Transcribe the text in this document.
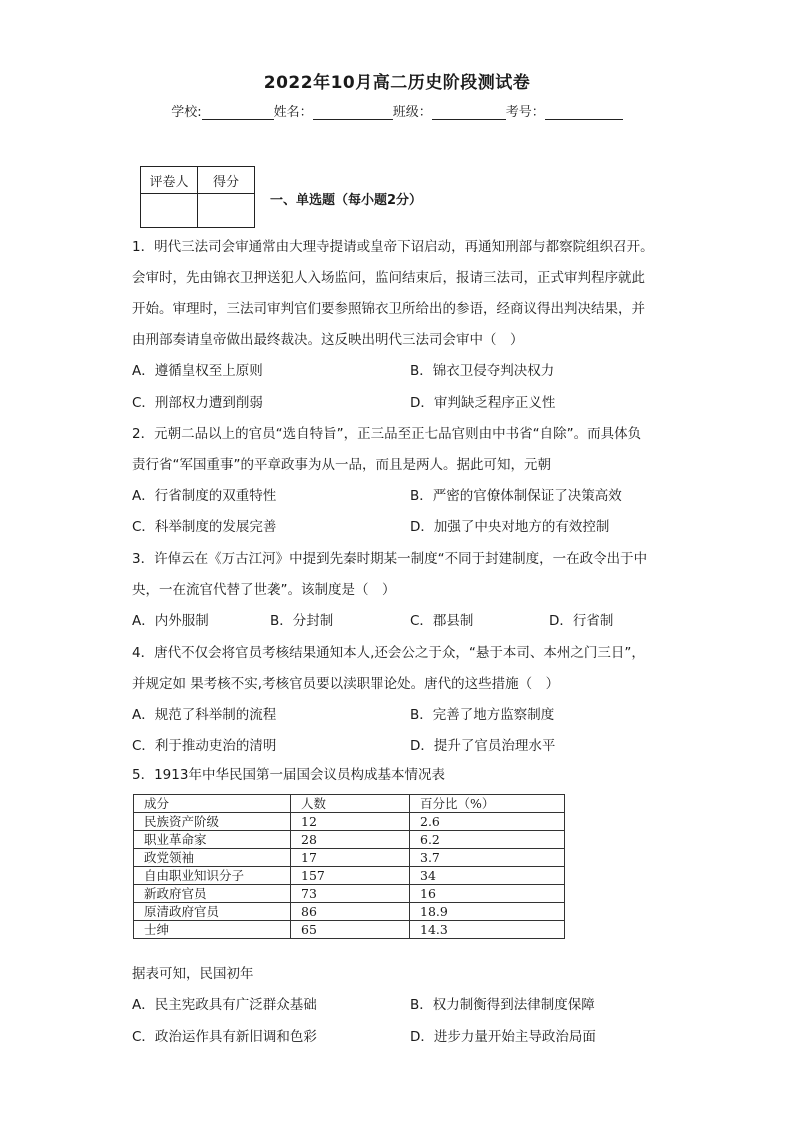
2022年10月高二历史阶段测试卷
学校:	姓名：	班级：	考号：
评卷人	得分

一、单选题（每小题2分）
1．明代三法司会审通常由大理寺提请或皇帝下诏启动，再通知刑部与都察院组织召开。
会审时，先由锦衣卫押送犯人入场监问，监问结束后，报请三法司，正式审判程序就此
开始。审理时，三法司审判官们要参照锦衣卫所给出的参语，经商议得出判决结果，并
由刑部奏请皇帝做出最终裁决。这反映出明代三法司会审中（　）
A．遵循皇权至上原则	B．锦衣卫侵夺判决权力
C．刑部权力遭到削弱	D．审判缺乏程序正义性
2．元朝二品以上的官员“选自特旨”，正三品至正七品官则由中书省“自除”。而具体负
责行省“军国重事”的平章政事为从一品，而且是两人。据此可知，元朝
A．行省制度的双重特性	B．严密的官僚体制保证了决策高效
C．科举制度的发展完善	D．加强了中央对地方的有效控制
3．许倬云在《万古江河》中提到先秦时期某一制度“不同于封建制度，一在政令出于中
央，一在流官代替了世袭”。该制度是（　）
A．内外服制	B．分封制	C．郡县制	D．行省制
4．唐代不仅会将官员考核结果通知本人,还会公之于众，“悬于本司、本州之门三日”，
并规定如 果考核不实,考核官员要以渎职罪论处。唐代的这些措施（　）
A．规范了科举制的流程	B．完善了地方监察制度
C．利于推动吏治的清明	D．提升了官员治理水平
5．1913年中华民国第一届国会议员构成基本情况表
成分	人数	百分比（%）
民族资产阶级	12	2.6
职业革命家	28	6.2
政党领袖	17	3.7
自由职业知识分子	157	34
新政府官员	73	16
原清政府官员	86	18.9
士绅	65	14.3
据表可知，民国初年
A．民主宪政具有广泛群众基础	B．权力制衡得到法律制度保障
C．政治运作具有新旧调和色彩	D．进步力量开始主导政治局面
